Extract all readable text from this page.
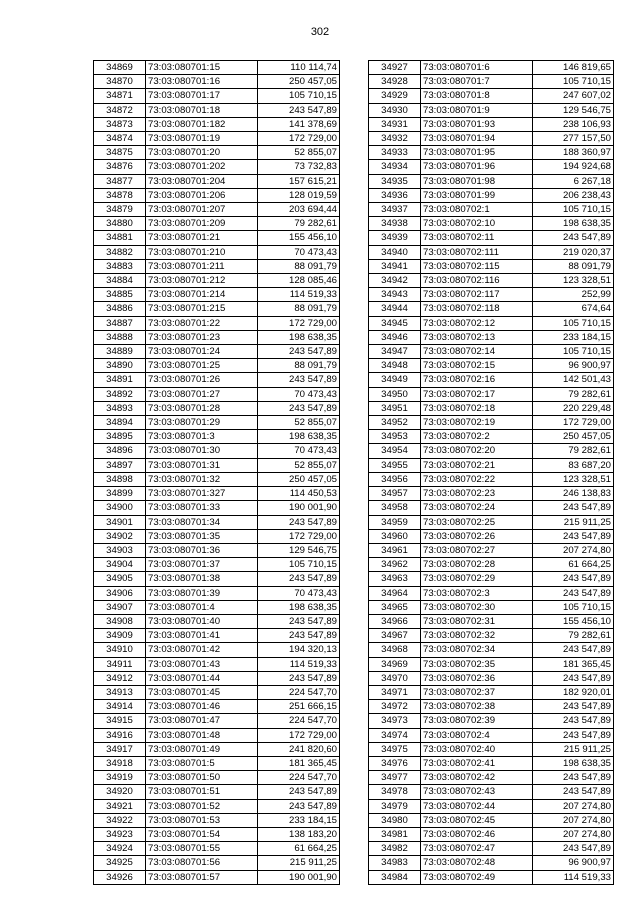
302
34869	73:03:080701:15	110 114,74
34870	73:03:080701:16	250 457,05
34871	73:03:080701:17	105 710,15
34872	73:03:080701:18	243 547,89
34873	73:03:080701:182	141 378,69
34874	73:03:080701:19	172 729,00
34875	73:03:080701:20	52 855,07
34876	73:03:080701:202	73 732,83
34877	73:03:080701:204	157 615,21
34878	73:03:080701:206	128 019,59
34879	73:03:080701:207	203 694,44
34880	73:03:080701:209	79 282,61
34881	73:03:080701:21	155 456,10
34882	73:03:080701:210	70 473,43
34883	73:03:080701:211	88 091,79
34884	73:03:080701:212	128 085,46
34885	73:03:080701:214	114 519,33
34886	73:03:080701:215	88 091,79
34887	73:03:080701:22	172 729,00
34888	73:03:080701:23	198 638,35
34889	73:03:080701:24	243 547,89
34890	73:03:080701:25	88 091,79
34891	73:03:080701:26	243 547,89
34892	73:03:080701:27	70 473,43
34893	73:03:080701:28	243 547,89
34894	73:03:080701:29	52 855,07
34895	73:03:080701:3	198 638,35
34896	73:03:080701:30	70 473,43
34897	73:03:080701:31	52 855,07
34898	73:03:080701:32	250 457,05
34899	73:03:080701:327	114 450,53
34900	73:03:080701:33	190 001,90
34901	73:03:080701:34	243 547,89
34902	73:03:080701:35	172 729,00
34903	73:03:080701:36	129 546,75
34904	73:03:080701:37	105 710,15
34905	73:03:080701:38	243 547,89
34906	73:03:080701:39	70 473,43
34907	73:03:080701:4	198 638,35
34908	73:03:080701:40	243 547,89
34909	73:03:080701:41	243 547,89
34910	73:03:080701:42	194 320,13
34911	73:03:080701:43	114 519,33
34912	73:03:080701:44	243 547,89
34913	73:03:080701:45	224 547,70
34914	73:03:080701:46	251 666,15
34915	73:03:080701:47	224 547,70
34916	73:03:080701:48	172 729,00
34917	73:03:080701:49	241 820,60
34918	73:03:080701:5	181 365,45
34919	73:03:080701:50	224 547,70
34920	73:03:080701:51	243 547,89
34921	73:03:080701:52	243 547,89
34922	73:03:080701:53	233 184,15
34923	73:03:080701:54	138 183,20
34924	73:03:080701:55	61 664,25
34925	73:03:080701:56	215 911,25
34926	73:03:080701:57	190 001,90
34927	73:03:080701:6	146 819,65
34928	73:03:080701:7	105 710,15
34929	73:03:080701:8	247 607,02
34930	73:03:080701:9	129 546,75
34931	73:03:080701:93	238 106,93
34932	73:03:080701:94	277 157,50
34933	73:03:080701:95	188 360,97
34934	73:03:080701:96	194 924,68
34935	73:03:080701:98	6 267,18
34936	73:03:080701:99	206 238,43
34937	73:03:080702:1	105 710,15
34938	73:03:080702:10	198 638,35
34939	73:03:080702:11	243 547,89
34940	73:03:080702:111	219 020,37
34941	73:03:080702:115	88 091,79
34942	73:03:080702:116	123 328,51
34943	73:03:080702:117	252,99
34944	73:03:080702:118	674,64
34945	73:03:080702:12	105 710,15
34946	73:03:080702:13	233 184,15
34947	73:03:080702:14	105 710,15
34948	73:03:080702:15	96 900,97
34949	73:03:080702:16	142 501,43
34950	73:03:080702:17	79 282,61
34951	73:03:080702:18	220 229,48
34952	73:03:080702:19	172 729,00
34953	73:03:080702:2	250 457,05
34954	73:03:080702:20	79 282,61
34955	73:03:080702:21	83 687,20
34956	73:03:080702:22	123 328,51
34957	73:03:080702:23	246 138,83
34958	73:03:080702:24	243 547,89
34959	73:03:080702:25	215 911,25
34960	73:03:080702:26	243 547,89
34961	73:03:080702:27	207 274,80
34962	73:03:080702:28	61 664,25
34963	73:03:080702:29	243 547,89
34964	73:03:080702:3	243 547,89
34965	73:03:080702:30	105 710,15
34966	73:03:080702:31	155 456,10
34967	73:03:080702:32	79 282,61
34968	73:03:080702:34	243 547,89
34969	73:03:080702:35	181 365,45
34970	73:03:080702:36	243 547,89
34971	73:03:080702:37	182 920,01
34972	73:03:080702:38	243 547,89
34973	73:03:080702:39	243 547,89
34974	73:03:080702:4	243 547,89
34975	73:03:080702:40	215 911,25
34976	73:03:080702:41	198 638,35
34977	73:03:080702:42	243 547,89
34978	73:03:080702:43	243 547,89
34979	73:03:080702:44	207 274,80
34980	73:03:080702:45	207 274,80
34981	73:03:080702:46	207 274,80
34982	73:03:080702:47	243 547,89
34983	73:03:080702:48	96 900,97
34984	73:03:080702:49	114 519,33
